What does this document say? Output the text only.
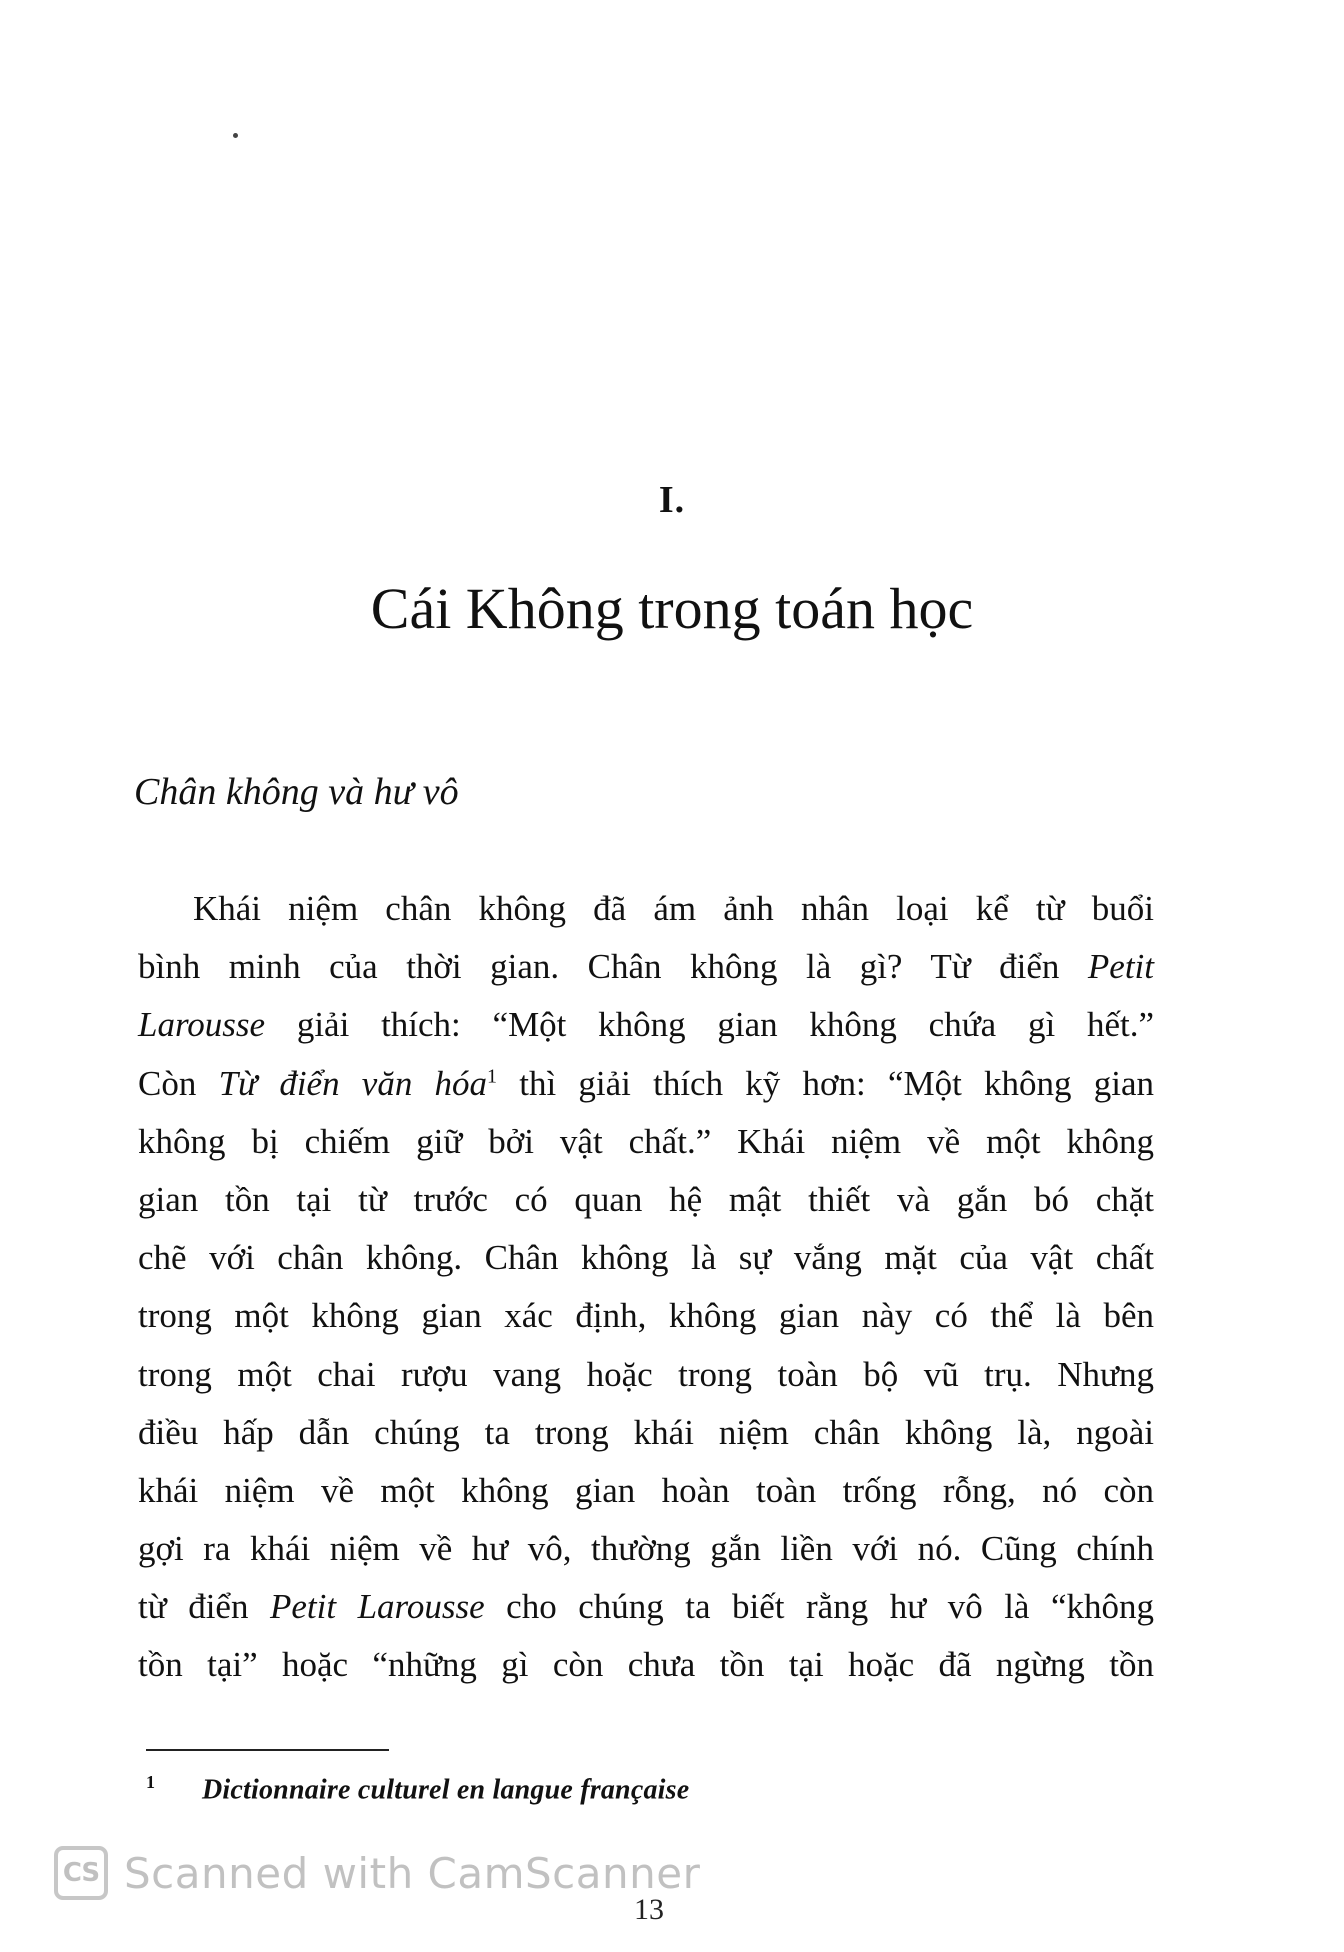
I.
Cái Không trong toán học
Chân không và hư vô
Khái niệm chân không đã ám ảnh nhân loại kể từ buổi
bình minh của thời gian. Chân không là gì? Từ điển Petit
Larousse giải thích: “Một không gian không chứa gì hết.”
Còn Từ điển văn hóa$^1$ thì giải thích kỹ hơn: “Một không gian
không bị chiếm giữ bởi vật chất.” Khái niệm về một không
gian tồn tại từ trước có quan hệ mật thiết và gắn bó chặt
chẽ với chân không. Chân không là sự vắng mặt của vật chất
trong một không gian xác định, không gian này có thể là bên
trong một chai rượu vang hoặc trong toàn bộ vũ trụ. Nhưng
điều hấp dẫn chúng ta trong khái niệm chân không là, ngoài
khái niệm về một không gian hoàn toàn trống rỗng, nó còn
gợi ra khái niệm về hư vô, thường gắn liền với nó. Cũng chính
từ điển Petit Larousse cho chúng ta biết rằng hư vô là “không
tồn tại” hoặc “những gì còn chưa tồn tại hoặc đã ngừng tồn
1 Dictionnaire culturel en langue française
CS Scanned with CamScanner
13
